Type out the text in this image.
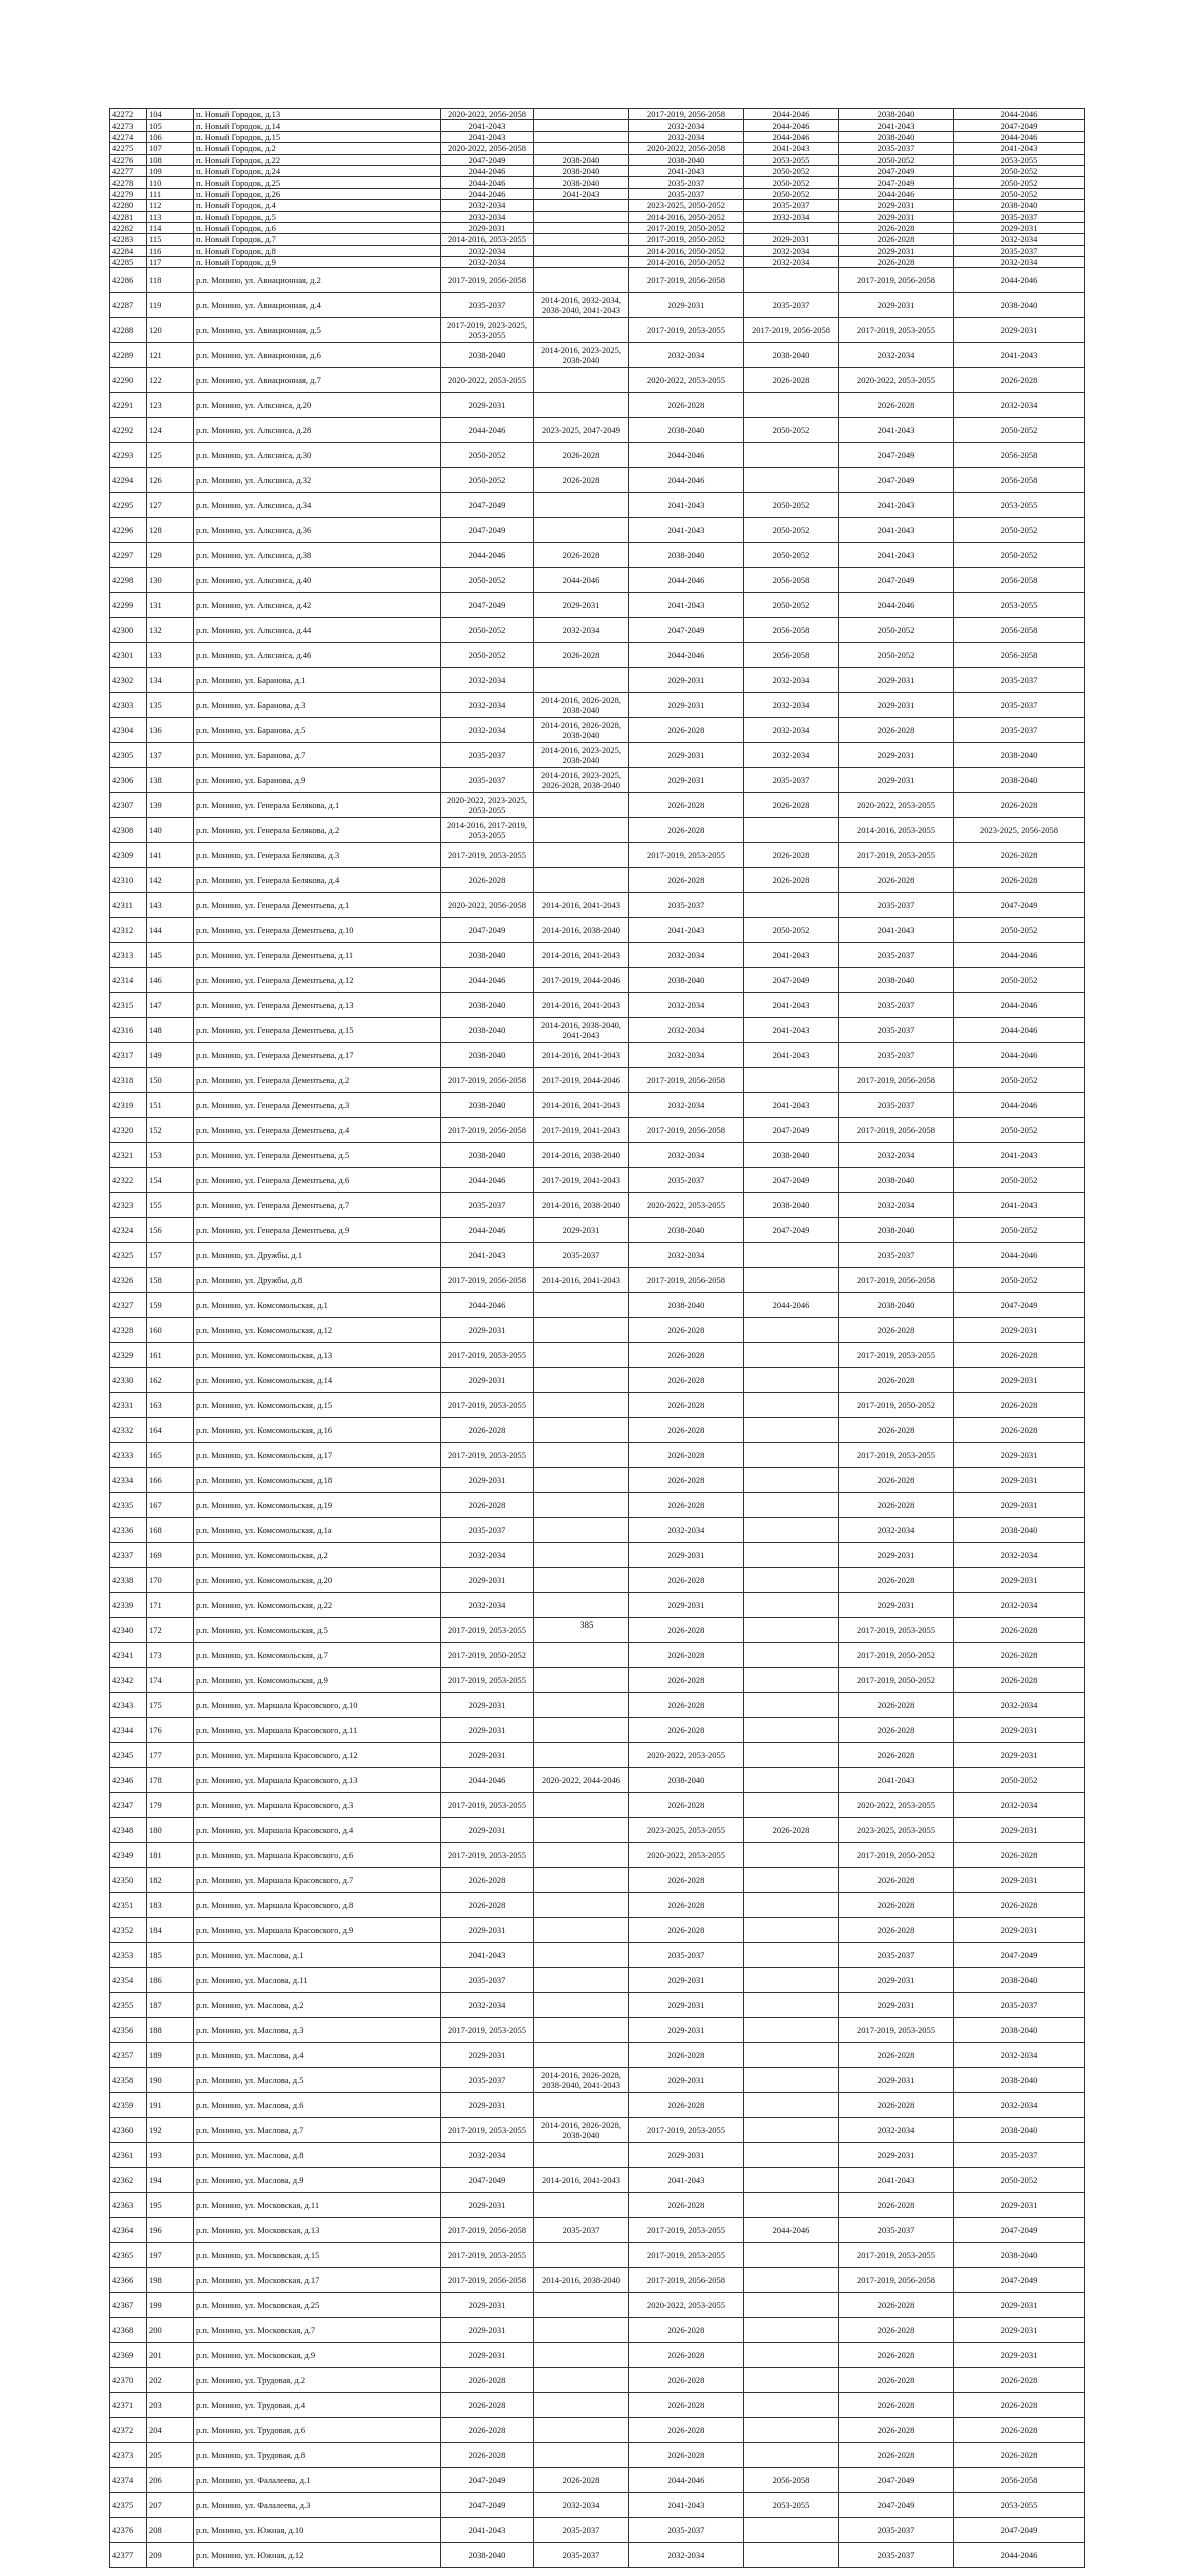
42272	104	п. Новый Городок, д.13	2020-2022, 2056-2058		2017-2019, 2056-2058	2044-2046	2038-2040	2044-2046
42273	105	п. Новый Городок, д.14	2041-2043		2032-2034	2044-2046	2041-2043	2047-2049
42274	106	п. Новый Городок, д.15	2041-2043		2032-2034	2044-2046	2038-2040	2044-2046
42275	107	п. Новый Городок, д.2	2020-2022, 2056-2058		2020-2022, 2056-2058	2041-2043	2035-2037	2041-2043
42276	108	п. Новый Городок, д.22	2047-2049	2038-2040	2038-2040	2053-2055	2050-2052	2053-2055
42277	109	п. Новый Городок, д.24	2044-2046	2038-2040	2041-2043	2050-2052	2047-2049	2050-2052
42278	110	п. Новый Городок, д.25	2044-2046	2038-2040	2035-2037	2050-2052	2047-2049	2050-2052
42279	111	п. Новый Городок, д.26	2044-2046	2041-2043	2035-2037	2050-2052	2044-2046	2050-2052
42280	112	п. Новый Городок, д.4	2032-2034		2023-2025, 2050-2052	2035-2037	2029-2031	2038-2040
42281	113	п. Новый Городок, д.5	2032-2034		2014-2016, 2050-2052	2032-2034	2029-2031	2035-2037
42282	114	п. Новый Городок, д.6	2029-2031		2017-2019, 2050-2052		2026-2028	2029-2031
42283	115	п. Новый Городок, д.7	2014-2016, 2053-2055		2017-2019, 2050-2052	2029-2031	2026-2028	2032-2034
42284	116	п. Новый Городок, д.8	2032-2034		2014-2016, 2050-2052	2032-2034	2029-2031	2035-2037
42285	117	п. Новый Городок, д.9	2032-2034		2014-2016, 2050-2052	2032-2034	2026-2028	2032-2034
42286	118	р.п. Монино, ул. Авиационная, д.2	2017-2019, 2056-2058		2017-2019, 2056-2058		2017-2019, 2056-2058	2044-2046
42287	119	р.п. Монино, ул. Авиационная, д.4	2035-2037	2014-2016, 2032-2034, 2038-2040, 2041-2043	2029-2031	2035-2037	2029-2031	2038-2040
42288	120	р.п. Монино, ул. Авиационная, д.5	2017-2019, 2023-2025, 2053-2055		2017-2019, 2053-2055	2017-2019, 2056-2058	2017-2019, 2053-2055	2029-2031
42289	121	р.п. Монино, ул. Авиационная, д.6	2038-2040	2014-2016, 2023-2025, 2038-2040	2032-2034	2038-2040	2032-2034	2041-2043
42290	122	р.п. Монино, ул. Авиационная, д.7	2020-2022, 2053-2055		2020-2022, 2053-2055	2026-2028	2020-2022, 2053-2055	2026-2028
42291	123	р.п. Монино, ул. Алксниса, д.20	2029-2031		2026-2028		2026-2028	2032-2034
42292	124	р.п. Монино, ул. Алксниса, д.28	2044-2046	2023-2025, 2047-2049	2038-2040	2050-2052	2041-2043	2050-2052
42293	125	р.п. Монино, ул. Алксниса, д.30	2050-2052	2026-2028	2044-2046		2047-2049	2056-2058
42294	126	р.п. Монино, ул. Алксниса, д.32	2050-2052	2026-2028	2044-2046		2047-2049	2056-2058
42295	127	р.п. Монино, ул. Алксниса, д.34	2047-2049		2041-2043	2050-2052	2041-2043	2053-2055
42296	128	р.п. Монино, ул. Алксниса, д.36	2047-2049		2041-2043	2050-2052	2041-2043	2050-2052
42297	129	р.п. Монино, ул. Алксниса, д.38	2044-2046	2026-2028	2038-2040	2050-2052	2041-2043	2050-2052
42298	130	р.п. Монино, ул. Алксниса, д.40	2050-2052	2044-2046	2044-2046	2056-2058	2047-2049	2056-2058
42299	131	р.п. Монино, ул. Алксниса, д.42	2047-2049	2029-2031	2041-2043	2050-2052	2044-2046	2053-2055
42300	132	р.п. Монино, ул. Алксниса, д.44	2050-2052	2032-2034	2047-2049	2056-2058	2050-2052	2056-2058
42301	133	р.п. Монино, ул. Алксниса, д.46	2050-2052	2026-2028	2044-2046	2056-2058	2050-2052	2056-2058
42302	134	р.п. Монино, ул. Баранова, д.1	2032-2034		2029-2031	2032-2034	2029-2031	2035-2037
42303	135	р.п. Монино, ул. Баранова, д.3	2032-2034	2014-2016, 2026-2028, 2038-2040	2029-2031	2032-2034	2029-2031	2035-2037
42304	136	р.п. Монино, ул. Баранова, д.5	2032-2034	2014-2016, 2026-2028, 2038-2040	2026-2028	2032-2034	2026-2028	2035-2037
42305	137	р.п. Монино, ул. Баранова, д.7	2035-2037	2014-2016, 2023-2025, 2038-2040	2029-2031	2032-2034	2029-2031	2038-2040
42306	138	р.п. Монино, ул. Баранова, д.9	2035-2037	2014-2016, 2023-2025, 2026-2028, 2038-2040	2029-2031	2035-2037	2029-2031	2038-2040
42307	139	р.п. Монино, ул. Генерала Белякова, д.1	2020-2022, 2023-2025, 2053-2055		2026-2028	2026-2028	2020-2022, 2053-2055	2026-2028
42308	140	р.п. Монино, ул. Генерала Белякова, д.2	2014-2016, 2017-2019, 2053-2055		2026-2028		2014-2016, 2053-2055	2023-2025, 2056-2058
42309	141	р.п. Монино, ул. Генерала Белякова, д.3	2017-2019, 2053-2055		2017-2019, 2053-2055	2026-2028	2017-2019, 2053-2055	2026-2028
42310	142	р.п. Монино, ул. Генерала Белякова, д.4	2026-2028		2026-2028	2026-2028	2026-2028	2026-2028
42311	143	р.п. Монино, ул. Генерала Дементьева, д.1	2020-2022, 2056-2058	2014-2016, 2041-2043	2035-2037		2035-2037	2047-2049
42312	144	р.п. Монино, ул. Генерала Дементьева, д.10	2047-2049	2014-2016, 2038-2040	2041-2043	2050-2052	2041-2043	2050-2052
42313	145	р.п. Монино, ул. Генерала Дементьева, д.11	2038-2040	2014-2016, 2041-2043	2032-2034	2041-2043	2035-2037	2044-2046
42314	146	р.п. Монино, ул. Генерала Дементьева, д.12	2044-2046	2017-2019, 2044-2046	2038-2040	2047-2049	2038-2040	2050-2052
42315	147	р.п. Монино, ул. Генерала Дементьева, д.13	2038-2040	2014-2016, 2041-2043	2032-2034	2041-2043	2035-2037	2044-2046
42316	148	р.п. Монино, ул. Генерала Дементьева, д.15	2038-2040	2014-2016, 2038-2040, 2041-2043	2032-2034	2041-2043	2035-2037	2044-2046
42317	149	р.п. Монино, ул. Генерала Дементьева, д.17	2038-2040	2014-2016, 2041-2043	2032-2034	2041-2043	2035-2037	2044-2046
42318	150	р.п. Монино, ул. Генерала Дементьева, д.2	2017-2019, 2056-2058	2017-2019, 2044-2046	2017-2019, 2056-2058		2017-2019, 2056-2058	2050-2052
42319	151	р.п. Монино, ул. Генерала Дементьева, д.3	2038-2040	2014-2016, 2041-2043	2032-2034	2041-2043	2035-2037	2044-2046
42320	152	р.п. Монино, ул. Генерала Дементьева, д.4	2017-2019, 2056-2058	2017-2019, 2041-2043	2017-2019, 2056-2058	2047-2049	2017-2019, 2056-2058	2050-2052
42321	153	р.п. Монино, ул. Генерала Дементьева, д.5	2038-2040	2014-2016, 2038-2040	2032-2034	2038-2040	2032-2034	2041-2043
42322	154	р.п. Монино, ул. Генерала Дементьева, д.6	2044-2046	2017-2019, 2041-2043	2035-2037	2047-2049	2038-2040	2050-2052
42323	155	р.п. Монино, ул. Генерала Дементьева, д.7	2035-2037	2014-2016, 2038-2040	2020-2022, 2053-2055	2038-2040	2032-2034	2041-2043
42324	156	р.п. Монино, ул. Генерала Дементьева, д.9	2044-2046	2029-2031	2038-2040	2047-2049	2038-2040	2050-2052
42325	157	р.п. Монино, ул. Дружбы, д.1	2041-2043	2035-2037	2032-2034		2035-2037	2044-2046
42326	158	р.п. Монино, ул. Дружбы, д.8	2017-2019, 2056-2058	2014-2016, 2041-2043	2017-2019, 2056-2058		2017-2019, 2056-2058	2050-2052
42327	159	р.п. Монино, ул. Комсомольская, д.1	2044-2046		2038-2040	2044-2046	2038-2040	2047-2049
42328	160	р.п. Монино, ул. Комсомольская, д.12	2029-2031		2026-2028		2026-2028	2029-2031
42329	161	р.п. Монино, ул. Комсомольская, д.13	2017-2019, 2053-2055		2026-2028		2017-2019, 2053-2055	2026-2028
42330	162	р.п. Монино, ул. Комсомольская, д.14	2029-2031		2026-2028		2026-2028	2029-2031
42331	163	р.п. Монино, ул. Комсомольская, д.15	2017-2019, 2053-2055		2026-2028		2017-2019, 2050-2052	2026-2028
42332	164	р.п. Монино, ул. Комсомольская, д.16	2026-2028		2026-2028		2026-2028	2026-2028
42333	165	р.п. Монино, ул. Комсомольская, д.17	2017-2019, 2053-2055		2026-2028		2017-2019, 2053-2055	2029-2031
42334	166	р.п. Монино, ул. Комсомольская, д.18	2029-2031		2026-2028		2026-2028	2029-2031
42335	167	р.п. Монино, ул. Комсомольская, д.19	2026-2028		2026-2028		2026-2028	2029-2031
42336	168	р.п. Монино, ул. Комсомольская, д.1а	2035-2037		2032-2034		2032-2034	2038-2040
42337	169	р.п. Монино, ул. Комсомольская, д.2	2032-2034		2029-2031		2029-2031	2032-2034
42338	170	р.п. Монино, ул. Комсомольская, д.20	2029-2031		2026-2028		2026-2028	2029-2031
42339	171	р.п. Монино, ул. Комсомольская, д.22	2032-2034		2029-2031		2029-2031	2032-2034
42340	172	р.п. Монино, ул. Комсомольская, д.5	2017-2019, 2053-2055		2026-2028		2017-2019, 2053-2055	2026-2028
42341	173	р.п. Монино, ул. Комсомольская, д.7	2017-2019, 2050-2052		2026-2028		2017-2019, 2050-2052	2026-2028
42342	174	р.п. Монино, ул. Комсомольская, д.9	2017-2019, 2053-2055		2026-2028		2017-2019, 2050-2052	2026-2028
42343	175	р.п. Монино, ул. Маршала Красовского, д.10	2029-2031		2026-2028		2026-2028	2032-2034
42344	176	р.п. Монино, ул. Маршала Красовского, д.11	2029-2031		2026-2028		2026-2028	2029-2031
42345	177	р.п. Монино, ул. Маршала Красовского, д.12	2029-2031		2020-2022, 2053-2055		2026-2028	2029-2031
42346	178	р.п. Монино, ул. Маршала Красовского, д.13	2044-2046	2020-2022, 2044-2046	2038-2040		2041-2043	2050-2052
42347	179	р.п. Монино, ул. Маршала Красовского, д.3	2017-2019, 2053-2055		2026-2028		2020-2022, 2053-2055	2032-2034
42348	180	р.п. Монино, ул. Маршала Красовского, д.4	2029-2031		2023-2025, 2053-2055	2026-2028	2023-2025, 2053-2055	2029-2031
42349	181	р.п. Монино, ул. Маршала Красовского, д.6	2017-2019, 2053-2055		2020-2022, 2053-2055		2017-2019, 2050-2052	2026-2028
42350	182	р.п. Монино, ул. Маршала Красовского, д.7	2026-2028		2026-2028		2026-2028	2029-2031
42351	183	р.п. Монино, ул. Маршала Красовского, д.8	2026-2028		2026-2028		2026-2028	2026-2028
42352	184	р.п. Монино, ул. Маршала Красовского, д.9	2029-2031		2026-2028		2026-2028	2029-2031
42353	185	р.п. Монино, ул. Маслова, д.1	2041-2043		2035-2037		2035-2037	2047-2049
42354	186	р.п. Монино, ул. Маслова, д.11	2035-2037		2029-2031		2029-2031	2038-2040
42355	187	р.п. Монино, ул. Маслова, д.2	2032-2034		2029-2031		2029-2031	2035-2037
42356	188	р.п. Монино, ул. Маслова, д.3	2017-2019, 2053-2055		2029-2031		2017-2019, 2053-2055	2038-2040
42357	189	р.п. Монино, ул. Маслова, д.4	2029-2031		2026-2028		2026-2028	2032-2034
42358	190	р.п. Монино, ул. Маслова, д.5	2035-2037	2014-2016, 2026-2028, 2038-2040, 2041-2043	2029-2031		2029-2031	2038-2040
42359	191	р.п. Монино, ул. Маслова, д.6	2029-2031		2026-2028		2026-2028	2032-2034
42360	192	р.п. Монино, ул. Маслова, д.7	2017-2019, 2053-2055	2014-2016, 2026-2028, 2038-2040	2017-2019, 2053-2055		2032-2034	2038-2040
42361	193	р.п. Монино, ул. Маслова, д.8	2032-2034		2029-2031		2029-2031	2035-2037
42362	194	р.п. Монино, ул. Маслова, д.9	2047-2049	2014-2016, 2041-2043	2041-2043		2041-2043	2050-2052
42363	195	р.п. Монино, ул. Московская, д.11	2029-2031		2026-2028		2026-2028	2029-2031
42364	196	р.п. Монино, ул. Московская, д.13	2017-2019, 2056-2058	2035-2037	2017-2019, 2053-2055	2044-2046	2035-2037	2047-2049
42365	197	р.п. Монино, ул. Московская, д.15	2017-2019, 2053-2055		2017-2019, 2053-2055		2017-2019, 2053-2055	2038-2040
42366	198	р.п. Монино, ул. Московская, д.17	2017-2019, 2056-2058	2014-2016, 2038-2040	2017-2019, 2056-2058		2017-2019, 2056-2058	2047-2049
42367	199	р.п. Монино, ул. Московская, д.25	2029-2031		2020-2022, 2053-2055		2026-2028	2029-2031
42368	200	р.п. Монино, ул. Московская, д.7	2029-2031		2026-2028		2026-2028	2029-2031
42369	201	р.п. Монино, ул. Московская, д.9	2029-2031		2026-2028		2026-2028	2029-2031
42370	202	р.п. Монино, ул. Трудовая, д.2	2026-2028		2026-2028		2026-2028	2026-2028
42371	203	р.п. Монино, ул. Трудовая, д.4	2026-2028		2026-2028		2026-2028	2026-2028
42372	204	р.п. Монино, ул. Трудовая, д.6	2026-2028		2026-2028		2026-2028	2026-2028
42373	205	р.п. Монино, ул. Трудовая, д.8	2026-2028		2026-2028		2026-2028	2026-2028
42374	206	р.п. Монино, ул. Фалалеева, д.1	2047-2049	2026-2028	2044-2046	2056-2058	2047-2049	2056-2058
42375	207	р.п. Монино, ул. Фалалеева, д.3	2047-2049	2032-2034	2041-2043	2053-2055	2047-2049	2053-2055
42376	208	р.п. Монино, ул. Южная, д.10	2041-2043	2035-2037	2035-2037		2035-2037	2047-2049
42377	209	р.п. Монино, ул. Южная, д.12	2038-2040	2035-2037	2032-2034		2035-2037	2044-2046
385
